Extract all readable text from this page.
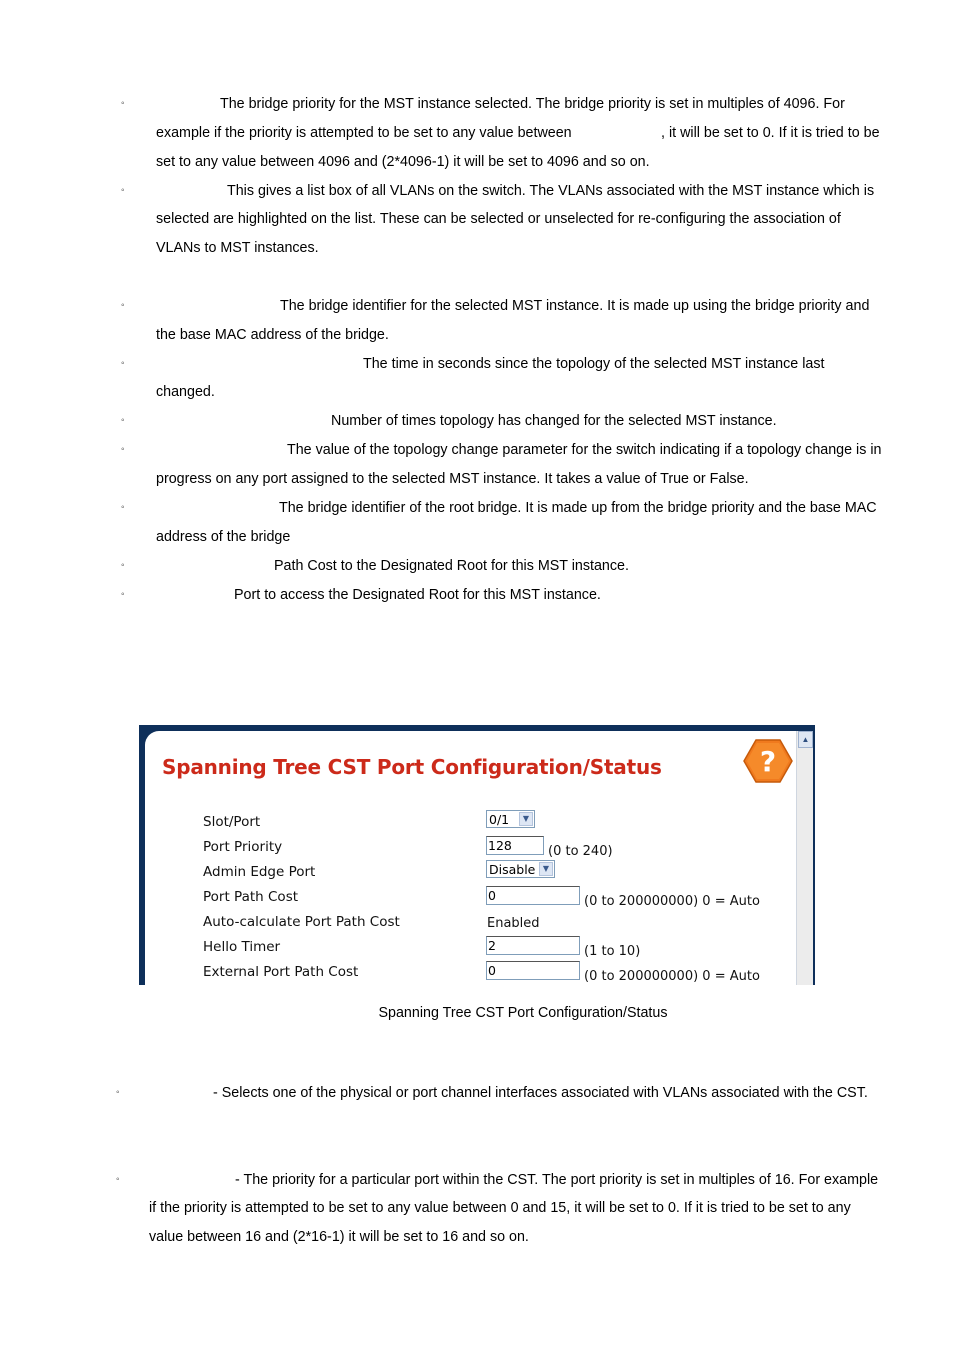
◦	The bridge priority for the MST instance selected. The bridge priority is set in multiples of 4096. For
example if the priority is attempted to be set to any value between	, it will be set to 0. If it is tried to be
set to any value between 4096 and (2*4096-1) it will be set to 4096 and so on.
◦	This gives a list box of all VLANs on the switch. The VLANs associated with the MST instance which is
selected are highlighted on the list. These can be selected or unselected for re-configuring the association of
VLANs to MST instances.
◦	The bridge identifier for the selected MST instance. It is made up using the bridge priority and
the base MAC address of the bridge.
◦	The time in seconds since the topology of the selected MST instance last
changed.
◦	Number of times topology has changed for the selected MST instance.
◦	The value of the topology change parameter for the switch indicating if a topology change is in
progress on any port assigned to the selected MST instance. It takes a value of True or False.
◦	The bridge identifier of the root bridge. It is made up from the bridge priority and the base MAC
address of the bridge
◦	Path Cost to the Designated Root for this MST instance.
◦	Port to access the Designated Root for this MST instance.
Spanning Tree CST Port Configuration/Status	?
Slot/Port	0/1	▼
Port Priority	128	(0 to 240)
Admin Edge Port	Disable ▼
Port Path Cost	0	(0 to 200000000) 0 = Auto
Auto-calculate Port Path Cost	Enabled
Hello Timer	2	(1 to 10)
External Port Path Cost	0	(0 to 200000000) 0 = Auto
▲
Spanning Tree CST Port Configuration/Status
◦	- Selects one of the physical or port channel interfaces associated with VLANs associated with the CST.
◦	- The priority for a particular port within the CST. The port priority is set in multiples of 16. For example
if the priority is attempted to be set to any value between 0 and 15, it will be set to 0. If it is tried to be set to any
value between 16 and (2*16-1) it will be set to 16 and so on.
